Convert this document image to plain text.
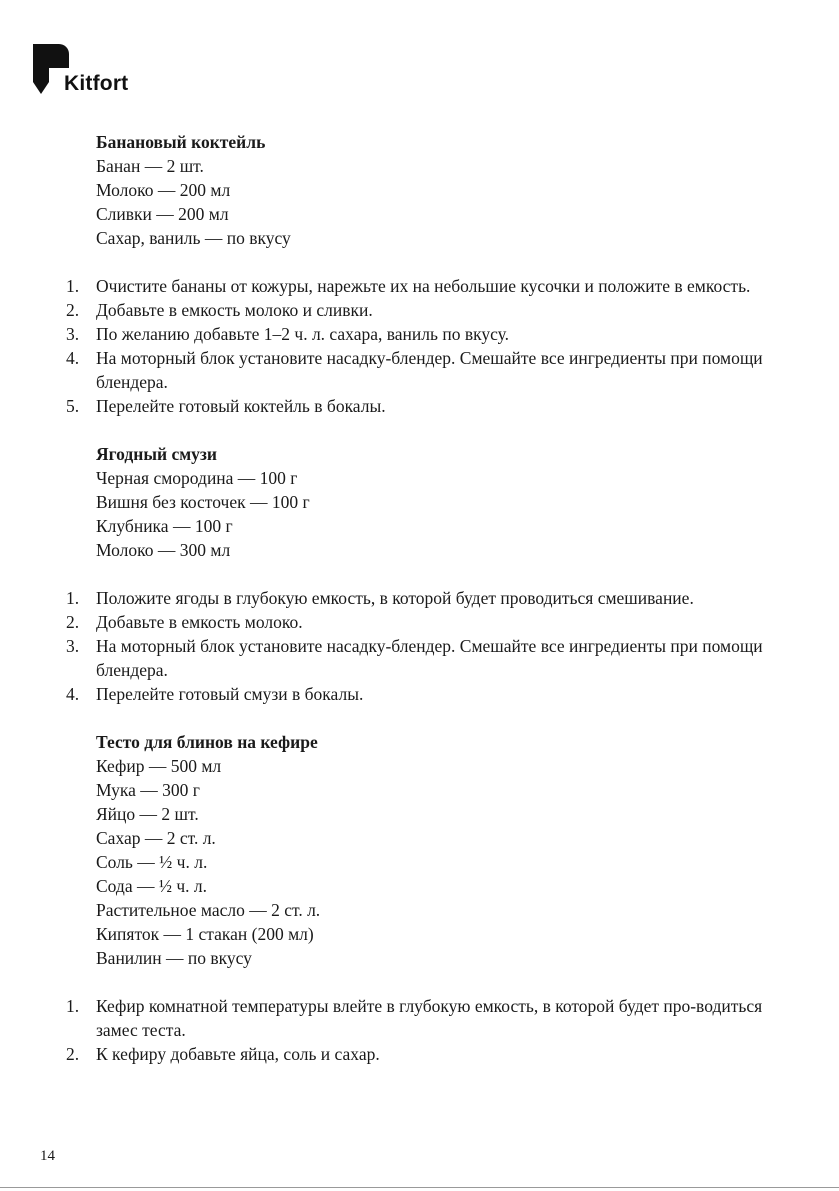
Kitfort
Банановый коктейль
Банан — 2 шт.
Молоко — 200 мл
Сливки — 200 мл
Сахар, ваниль — по вкусу
1. Очистите бананы от кожуры, нарежьте их на небольшие кусочки и положите в емкость.
2. Добавьте в емкость молоко и сливки.
3. По желанию добавьте 1–2 ч. л. сахара, ваниль по вкусу.
4. На моторный блок установите насадку-блендер. Смешайте все ингредиенты при помощи блендера.
5. Перелейте готовый коктейль в бокалы.
Ягодный смузи
Черная смородина — 100 г
Вишня без косточек — 100 г
Клубника — 100 г
Молоко — 300 мл
1. Положите ягоды в глубокую емкость, в которой будет проводиться смешивание.
2. Добавьте в емкость молоко.
3. На моторный блок установите насадку-блендер. Смешайте все ингредиенты при помощи блендера.
4. Перелейте готовый смузи в бокалы.
Тесто для блинов на кефире
Кефир — 500 мл
Мука — 300 г
Яйцо — 2 шт.
Сахар — 2 ст. л.
Соль — ½ ч. л.
Сода — ½ ч. л.
Растительное масло — 2 ст. л.
Кипяток — 1 стакан (200 мл)
Ванилин — по вкусу
1. Кефир комнатной температуры влейте в глубокую емкость, в которой будет про-водиться замес теста.
2. К кефиру добавьте яйца, соль и сахар.
14
